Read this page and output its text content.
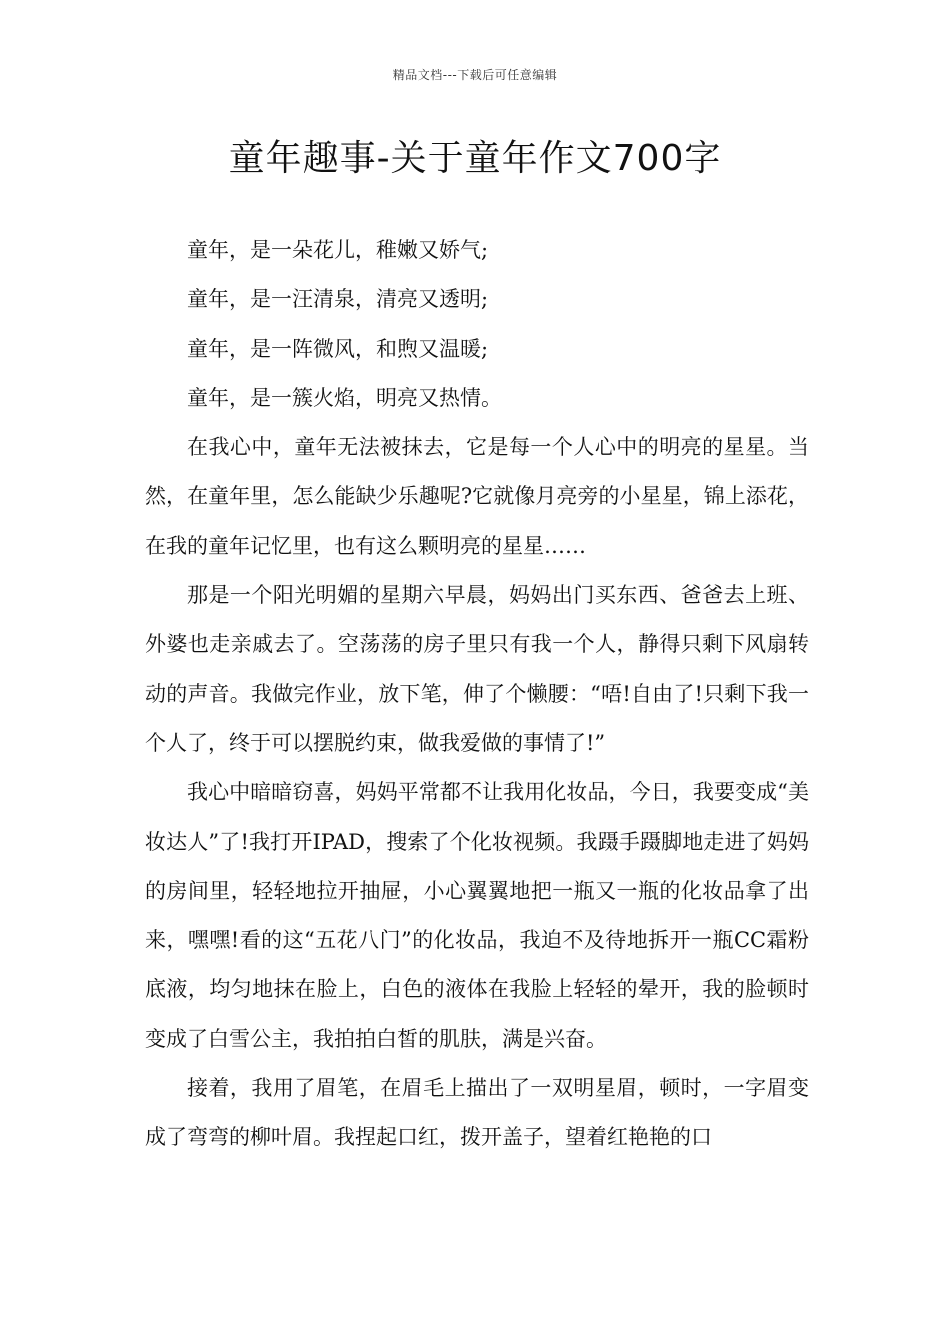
精品文档---下载后可任意编辑
童年趣事-关于童年作文700字

童年，是一朵花儿，稚嫩又娇气;

童年，是一汪清泉，清亮又透明;

童年，是一阵微风，和煦又温暖;

童年，是一簇火焰，明亮又热情。

在我心中，童年无法被抹去，它是每一个人心中的明亮的星星。当然，在童年里，怎么能缺少乐趣呢?它就像月亮旁的小星星，锦上添花，在我的童年记忆里，也有这么颗明亮的星星……

那是一个阳光明媚的星期六早晨，妈妈出门买东西、爸爸去上班、外婆也走亲戚去了。空荡荡的房子里只有我一个人，静得只剩下风扇转动的声音。我做完作业，放下笔，伸了个懒腰：“唔!自由了!只剩下我一个人了，终于可以摆脱约束，做我爱做的事情了!”

我心中暗暗窃喜，妈妈平常都不让我用化妆品，今日，我要变成“美妆达人”了!我打开IPAD，搜索了个化妆视频。我蹑手蹑脚地走进了妈妈的房间里，轻轻地拉开抽屉，小心翼翼地把一瓶又一瓶的化妆品拿了出来，嘿嘿!看的这“五花八门”的化妆品，我迫不及待地拆开一瓶CC霜粉底液，均匀地抹在脸上，白色的液体在我脸上轻轻的晕开，我的脸顿时变成了白雪公主，我拍拍白皙的肌肤，满是兴奋。

接着，我用了眉笔，在眉毛上描出了一双明星眉，顿时，一字眉变成了弯弯的柳叶眉。我捏起口红，拨开盖子，望着红艳艳的口
